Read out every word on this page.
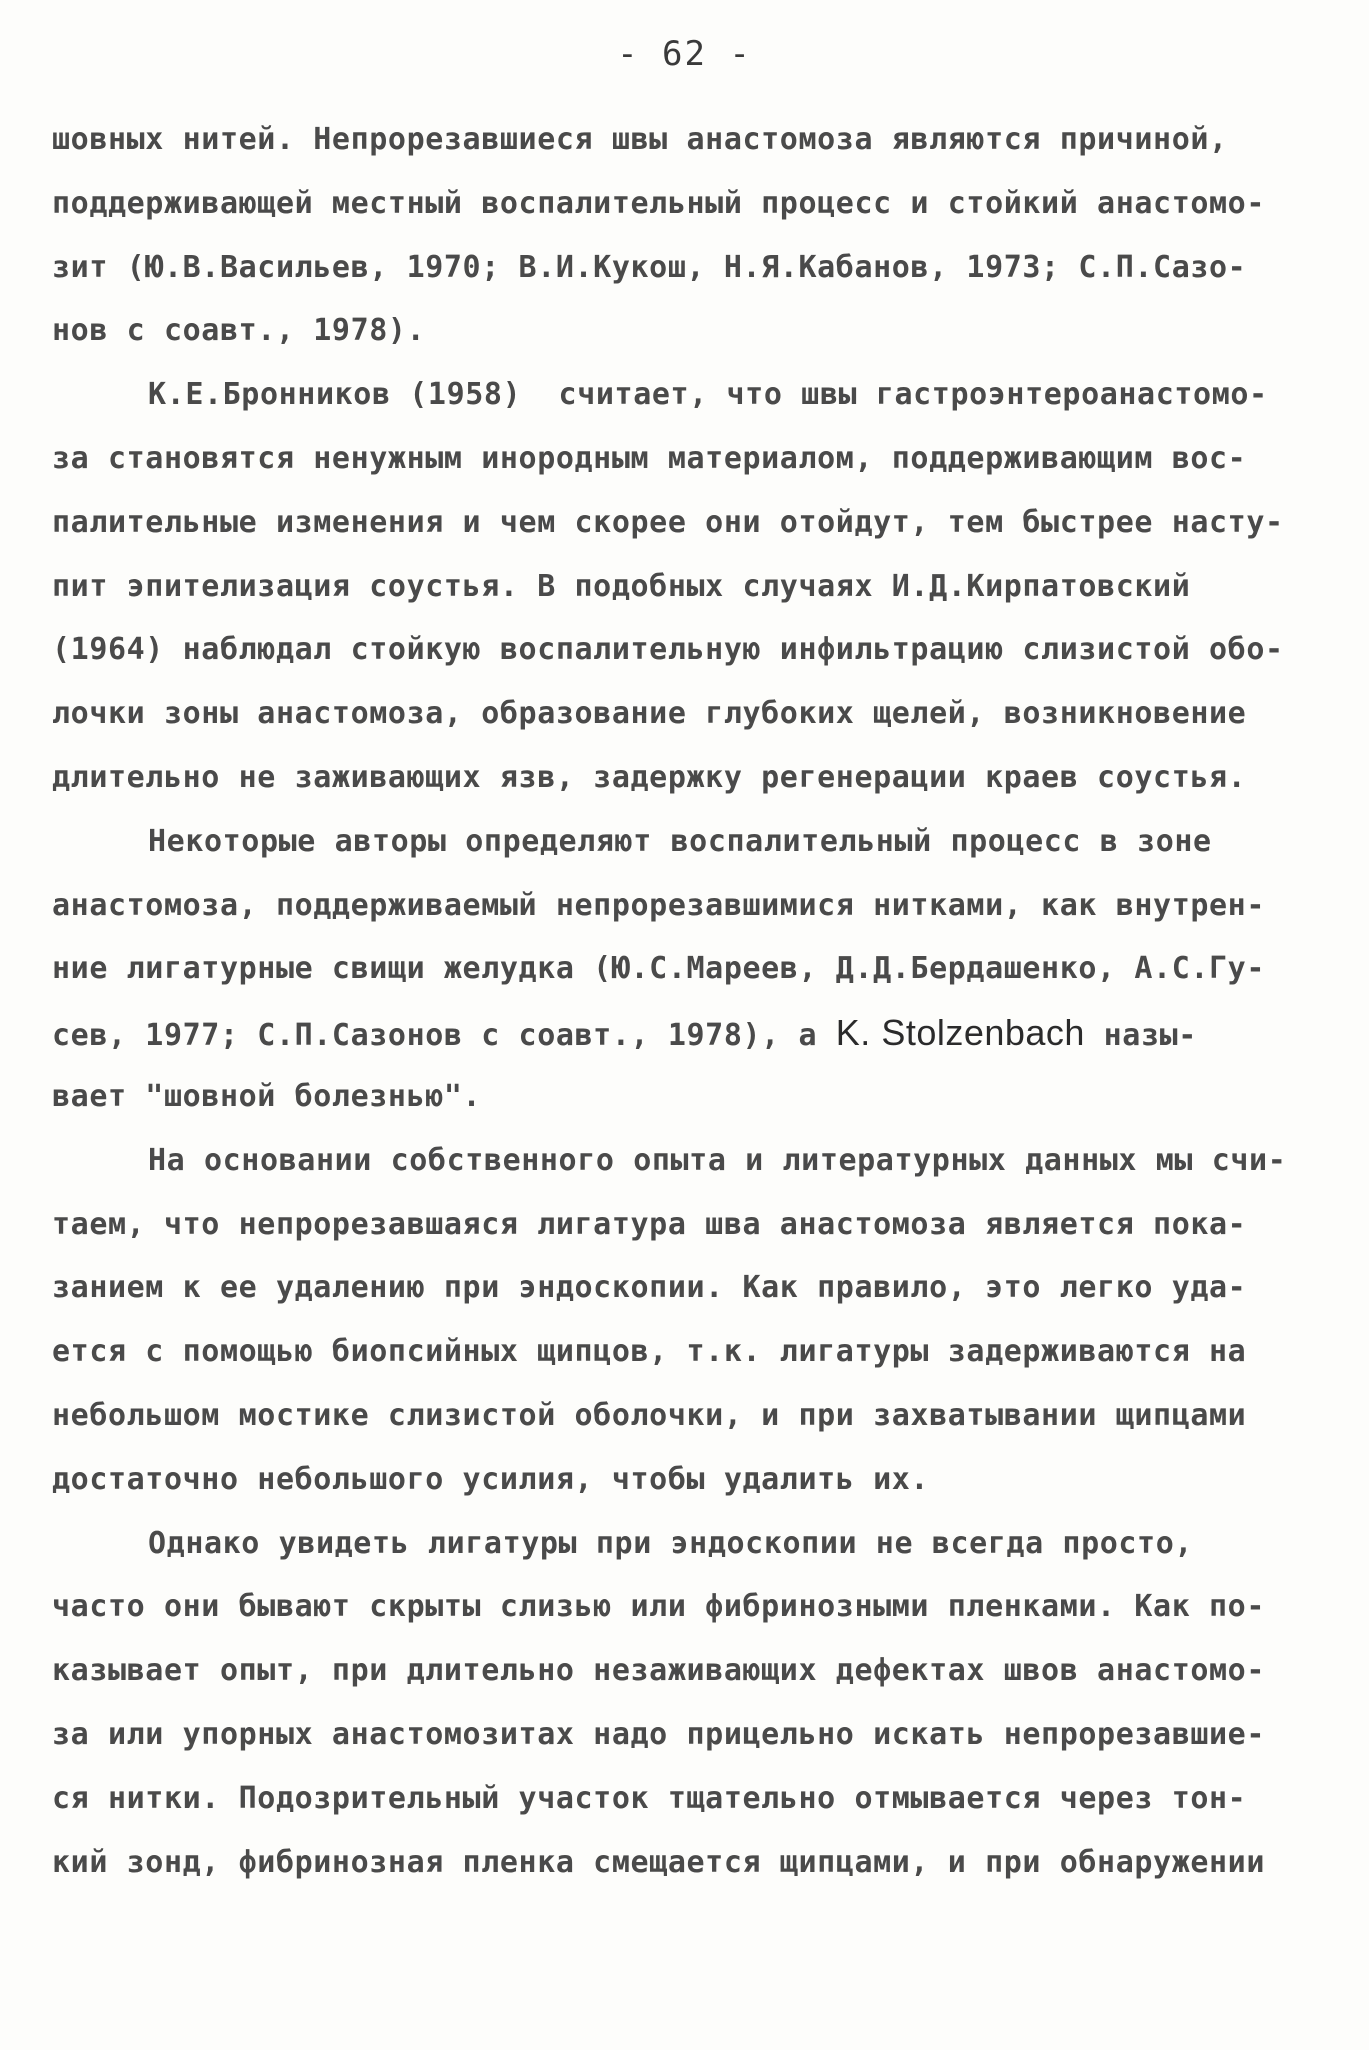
- 62 -
шовных нитей. Непрорезавшиеся швы анастомоза являются причиной,
поддерживающей местный воспалительный процесс и стойкий анастомо-
зит (Ю.В.Васильев, 1970; В.И.Кукош, Н.Я.Кабанов, 1973; С.П.Сазо-
нов с соавт., 1978).
К.Е.Бронников (1958)  считает, что швы гастроэнтероанастомо-
за становятся ненужным инородным материалом, поддерживающим вос-
палительные изменения и чем скорее они отойдут, тем быстрее насту-
пит эпителизация соустья. В подобных случаях И.Д.Кирпатовский
(1964) наблюдал стойкую воспалительную инфильтрацию слизистой обо-
лочки зоны анастомоза, образование глубоких щелей, возникновение
длительно не заживающих язв, задержку регенерации краев соустья.
Некоторые авторы определяют воспалительный процесс в зоне
анастомоза, поддерживаемый непрорезавшимися нитками, как внутрен-
ние лигатурные свищи желудка (Ю.С.Мареев, Д.Д.Бердашенко, А.С.Гу-
сев, 1977; С.П.Сазонов с соавт., 1978), а K. Stolzenbach назы-
вает "шовной болезнью".
На основании собственного опыта и литературных данных мы счи-
таем, что непрорезавшаяся лигатура шва анастомоза является пока-
занием к ее удалению при эндоскопии. Как правило, это легко уда-
ется с помощью биопсийных щипцов, т.к. лигатуры задерживаются на
небольшом мостике слизистой оболочки, и при захватывании щипцами
достаточно небольшого усилия, чтобы удалить их.
Однако увидеть лигатуры при эндоскопии не всегда просто,
часто они бывают скрыты слизью или фибринозными пленками. Как по-
казывает опыт, при длительно незаживающих дефектах швов анастомо-
за или упорных анастомозитах надо прицельно искать непрорезавшие-
ся нитки. Подозрительный участок тщательно отмывается через тон-
кий зонд, фибринозная пленка смещается щипцами, и при обнаружении
